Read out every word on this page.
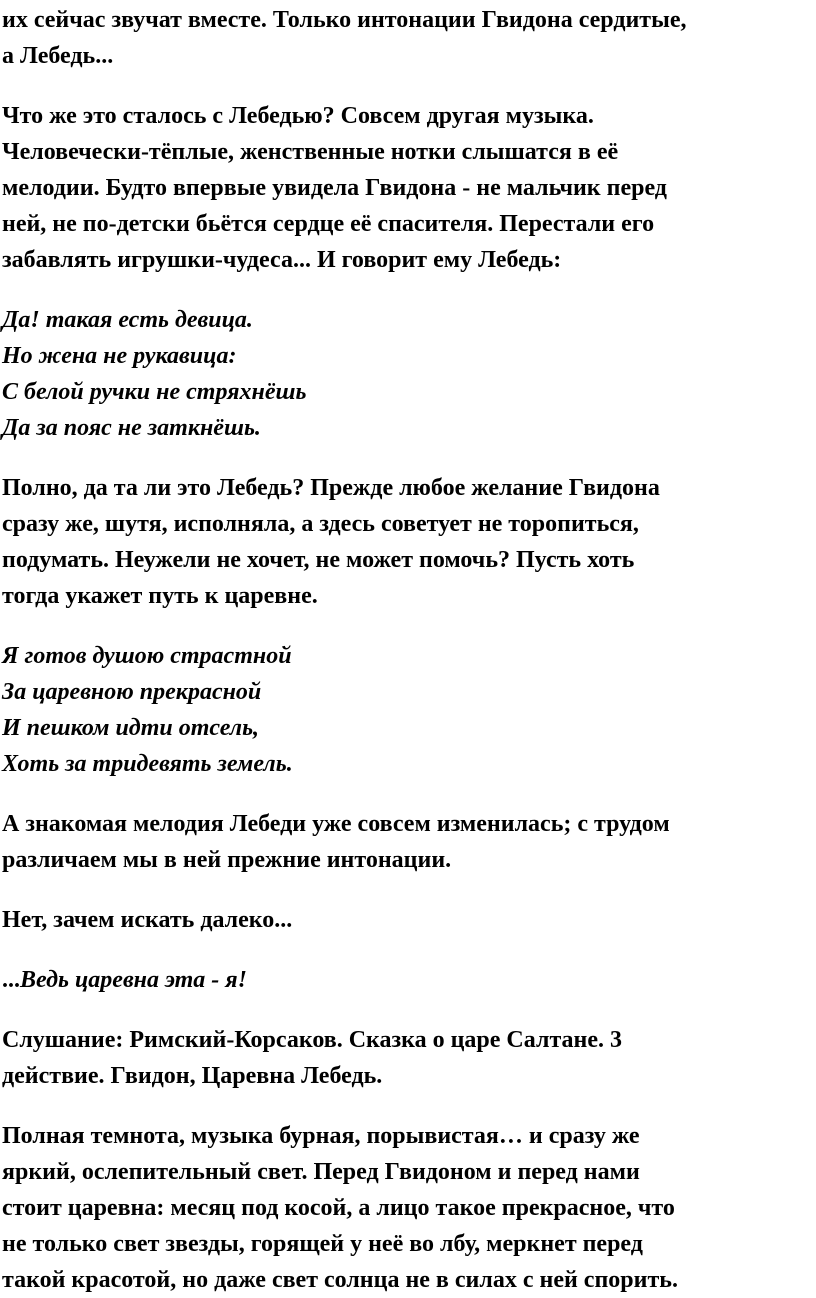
их сейчас звучат вместе. Только интонации Гвидона сердитые,
а Лебедь...

Что же это сталось с Лебедью? Совсем другая музыка.
Человечески-тёплые, женственные нотки слышатся в её
мелодии. Будто впервые увидела Гвидона - не мальчик перед
ней, не по-детски бьётся сердце её спасителя. Перестали его
забавлять игрушки-чудеса... И говорит ему Лебедь:

Да! такая есть девица.
Но жена не рукавица:
С белой ручки не стряхнёшь
Да за пояс не заткнёшь.

Полно, да та ли это Лебедь? Прежде любое желание Гвидона
сразу же, шутя, исполняла, а здесь советует не торопиться,
подумать. Неужели не хочет, не может помочь? Пусть хоть
тогда укажет путь к царевне.

Я готов душою страстной
За царевною прекрасной
И пешком идти отсель,
Хоть за тридевять земель.

А знакомая мелодия Лебеди уже совсем изменилась; с трудом
различаем мы в ней прежние интонации.

Нет, зачем искать далеко...

...Ведь царевна эта - я!

Слушание: Римский-Корсаков. Сказка о царе Салтане. 3
действие. Гвидон, Царевна Лебедь.

Полная темнота, музыка бурная, порывистая… и сразу же
яркий, ослепительный свет. Перед Гвидоном и перед нами
стоит царевна: месяц под косой, а лицо такое прекрасное, что
не только свет звезды, горящей у неё во лбу, меркнет перед
такой красотой, но даже свет солнца не в силах с ней спорить.
